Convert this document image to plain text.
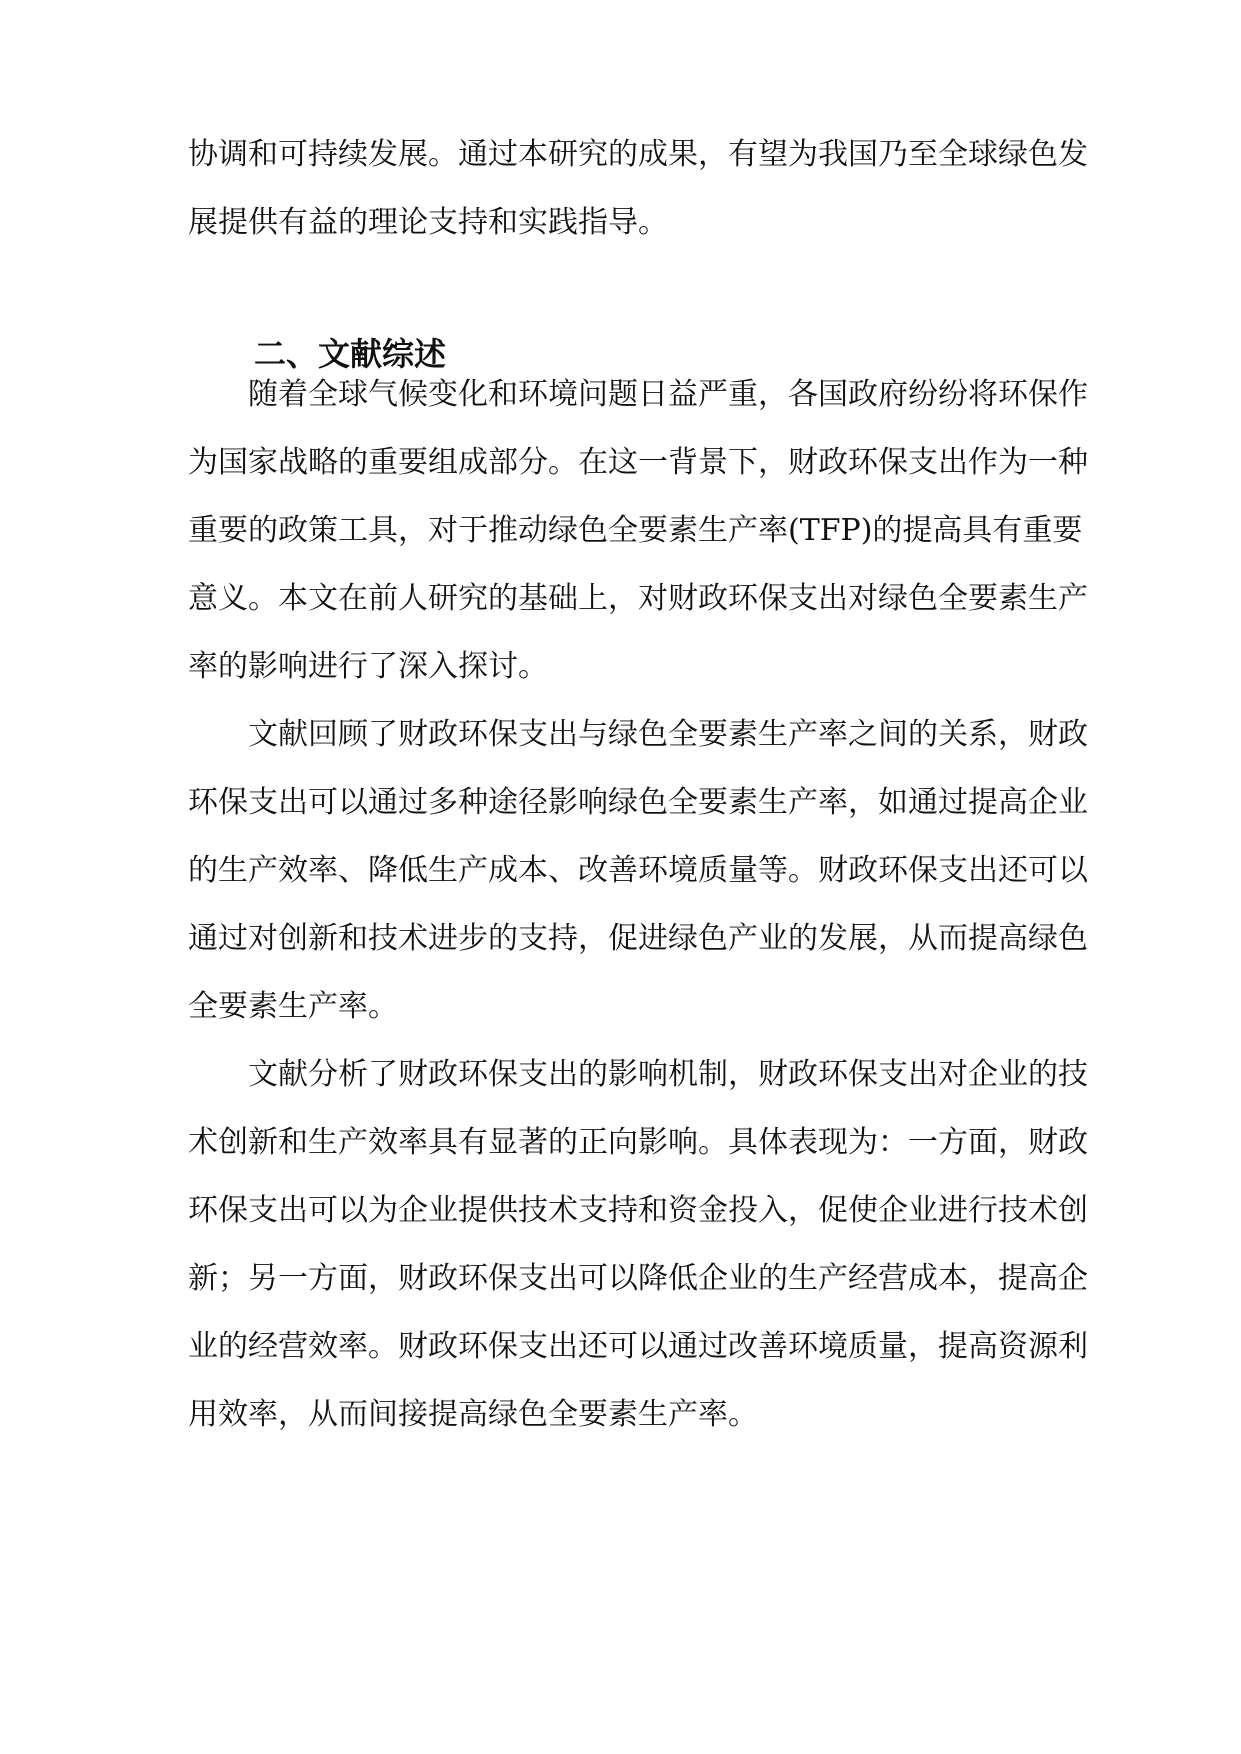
协调和可持续发展。通过本研究的成果，有望为我国乃至全球绿色发
展提供有益的理论支持和实践指导。
二、文献综述
随着全球气候变化和环境问题日益严重，各国政府纷纷将环保作
为国家战略的重要组成部分。在这一背景下，财政环保支出作为一种
重要的政策工具，对于推动绿色全要素生产率(TFP)的提高具有重要
意义。本文在前人研究的基础上，对财政环保支出对绿色全要素生产
率的影响进行了深入探讨。
文献回顾了财政环保支出与绿色全要素生产率之间的关系，财政
环保支出可以通过多种途径影响绿色全要素生产率，如通过提高企业
的生产效率、降低生产成本、改善环境质量等。财政环保支出还可以
通过对创新和技术进步的支持，促进绿色产业的发展，从而提高绿色
全要素生产率。
文献分析了财政环保支出的影响机制，财政环保支出对企业的技
术创新和生产效率具有显著的正向影响。具体表现为：一方面，财政
环保支出可以为企业提供技术支持和资金投入，促使企业进行技术创
新；另一方面，财政环保支出可以降低企业的生产经营成本，提高企
业的经营效率。财政环保支出还可以通过改善环境质量，提高资源利
用效率，从而间接提高绿色全要素生产率。
